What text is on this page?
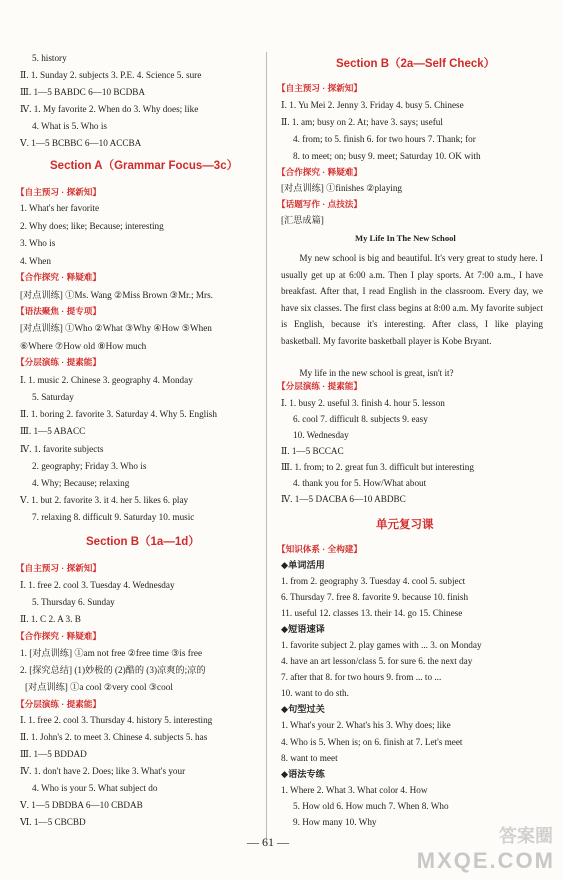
5. history
Ⅱ. 1. Sunday 2. subjects 3. P.E. 4. Science 5. sure
Ⅲ. 1—5 BABDC 6—10 BCDBA
Ⅳ. 1. My favorite 2. When do 3. Why does; like
4. What is 5. Who is
Ⅴ. 1—5 BCBBC 6—10 ACCBA
Section A（Grammar Focus—3c）
【自主预习 · 探新知】
1. What's her favorite
2. Why does; like; Because; interesting
3. Who is
4. When
【合作探究 · 释疑难】
[对点训练] ①Ms. Wang ②Miss Brown ③Mr.; Mrs.
【语法聚焦 · 提专项】
[对点训练] ①Who ②What ③Why ④How ⑤When
⑥Where ⑦How old ⑧How much
【分层演练 · 提素能】
Ⅰ. 1. music 2. Chinese 3. geography 4. Monday
5. Saturday
Ⅱ. 1. boring 2. favorite 3. Saturday 4. Why 5. English
Ⅲ. 1—5 ABACC
Ⅳ. 1. favorite subjects
2. geography; Friday 3. Who is
4. Why; Because; relaxing
Ⅴ. 1. but 2. favorite 3. it 4. her 5. likes 6. play
7. relaxing 8. difficult 9. Saturday 10. music
Section B（1a—1d）
【自主预习 · 探新知】
Ⅰ. 1. free 2. cool 3. Tuesday 4. Wednesday
5. Thursday 6. Sunday
Ⅱ. 1. C 2. A 3. B
【合作探究 · 释疑难】
1. [对点训练] ①am not free ②free time ③is free
2. [探究总结] (1)妙极的 (2)酷的 (3)凉爽的;凉的
[对点训练] ①a cool ②very cool ③cool
【分层演练 · 提素能】
Ⅰ. 1. free 2. cool 3. Thursday 4. history 5. interesting
Ⅱ. 1. John's 2. to meet 3. Chinese 4. subjects 5. has
Ⅲ. 1—5 BDDAD
Ⅳ. 1. don't have 2. Does; like 3. What's your
4. Who is your 5. What subject do
Ⅴ. 1—5 DBDBA 6—10 CBDAB
Ⅵ. 1—5 CBCBD
Section B（2a—Self Check）
【自主预习 · 探新知】
Ⅰ. 1. Yu Mei 2. Jenny 3. Friday 4. busy 5. Chinese
Ⅱ. 1. am; busy on 2. At; have 3. says; useful
4. from; to 5. finish 6. for two hours 7. Thank; for
8. to meet; on; busy 9. meet; Saturday 10. OK with
【合作探究 · 释疑难】
[对点训练] ①finishes ②playing
【话题写作 · 点技法】
[汇思成篇]
My Life In The New School
单元复习课
【知识体系 · 全构建】
◆单词活用
1. from 2. geography 3. Tuesday 4. cool 5. subject
6. Thursday 7. free 8. favorite 9. because 10. finish
11. useful 12. classes 13. their 14. go 15. Chinese
◆短语速译
1. favorite subject 2. play games with ... 3. on Monday
4. have an art lesson/class 5. for sure 6. the next day
7. after that 8. for two hours 9. from ... to ...
10. want to do sth.
◆句型过关
1. What's your 2. What's his 3. Why does; like
4. Who is 5. When is; on 6. finish at 7. Let's meet
8. want to meet
◆语法专练
1. Where 2. What 3. What color 4. How
5. How old 6. How much 7. When 8. Who
9. How many 10. Why
【分层演练 · 提素能】
Ⅰ. 1. busy 2. useful 3. finish 4. hour 5. lesson
6. cool 7. difficult 8. subjects 9. easy
10. Wednesday
Ⅱ. 1—5 BCCAC
Ⅲ. 1. from; to 2. great fun 3. difficult but interesting
4. thank you for 5. How/What about
Ⅳ. 1—5 DACBA 6—10 ABDBC
My new school is big and beautiful. It's very great to study here. I usually get up at 6:00 a.m. Then I play sports. At 7:00 a.m., I have breakfast. After that, I read English in the classroom. Every day, we have six classes. The first class begins at 8:00 a.m. My favorite subject is English, because it's interesting. After class, I like playing basketball. My favorite basketball player is Kobe Bryant.
My life in the new school is great, isn't it?
— 61 —	答案圈
MXQE.COM
